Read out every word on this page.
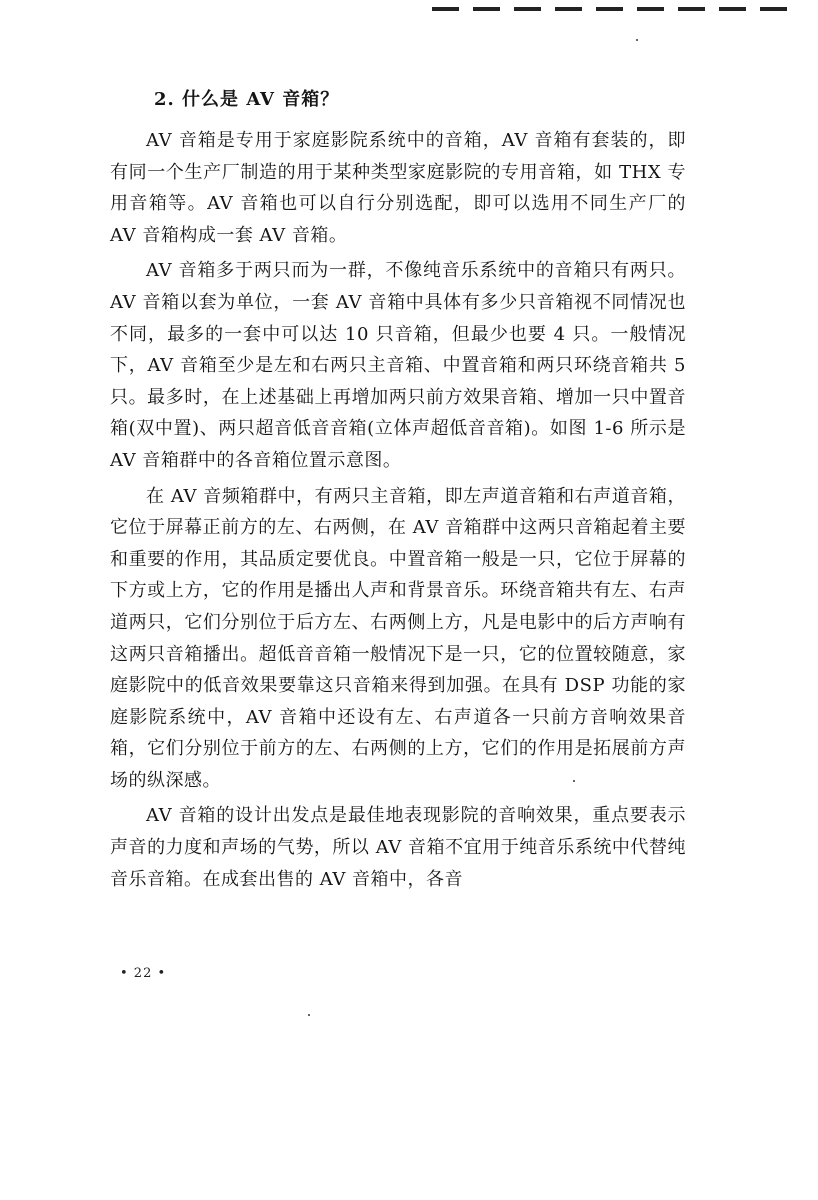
2. 什么是 AV 音箱？

AV 音箱是专用于家庭影院系统中的音箱，AV 音箱有套装的，即有同一个生产厂制造的用于某种类型家庭影院的专用音箱，如 THX 专用音箱等。AV 音箱也可以自行分别选配，即可以选用不同生产厂的 AV 音箱构成一套 AV 音箱。

AV 音箱多于两只而为一群，不像纯音乐系统中的音箱只有两只。AV 音箱以套为单位，一套 AV 音箱中具体有多少只音箱视不同情况也不同，最多的一套中可以达 10 只音箱，但最少也要 4 只。一般情况下，AV 音箱至少是左和右两只主音箱、中置音箱和两只环绕音箱共 5 只。最多时，在上述基础上再增加两只前方效果音箱、增加一只中置音箱(双中置)、两只超音低音音箱(立体声超低音音箱)。如图 1-6 所示是 AV 音箱群中的各音箱位置示意图。

在 AV 音频箱群中，有两只主音箱，即左声道音箱和右声道音箱，它位于屏幕正前方的左、右两侧，在 AV 音箱群中这两只音箱起着主要和重要的作用，其品质定要优良。中置音箱一般是一只，它位于屏幕的下方或上方，它的作用是播出人声和背景音乐。环绕音箱共有左、右声道两只，它们分别位于后方左、右两侧上方，凡是电影中的后方声响有这两只音箱播出。超低音音箱一般情况下是一只，它的位置较随意，家庭影院中的低音效果要靠这只音箱来得到加强。在具有 DSP 功能的家庭影院系统中，AV 音箱中还设有左、右声道各一只前方音响效果音箱，它们分别位于前方的左、右两侧的上方，它们的作用是拓展前方声场的纵深感。

AV 音箱的设计出发点是最佳地表现影院的音响效果，重点要表示声音的力度和声场的气势，所以 AV 音箱不宜用于纯音乐系统中代替纯音乐音箱。在成套出售的 AV 音箱中，各音

• 22 •
